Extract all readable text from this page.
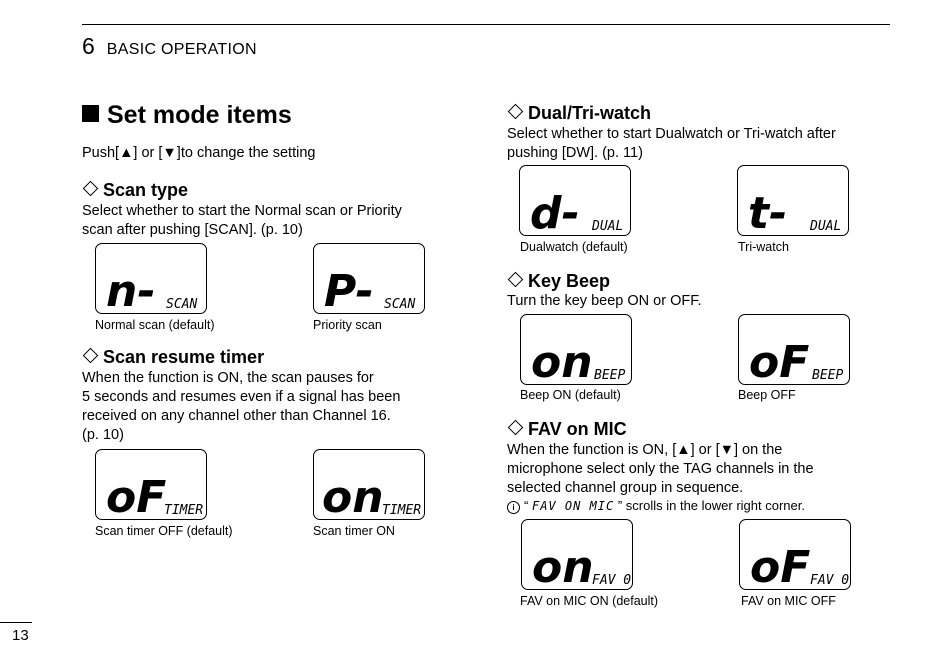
6 BASIC OPERATION
Set mode items
Push[▲] or [▼]to change the setting
Scan type
Select whether to start the Normal scan or Priority
scan after pushing [SCAN]. (p. 10)
n- SCAN
Normal scan (default)
P- SCAN
Priority scan
Scan resume timer
When the function is ON, the scan pauses for
5 seconds and resumes even if a signal has been
received on any channel other than Channel 16.
(p. 10)
oF
TIMER
Scan timer OFF (default)
on
TIMER
Scan timer ON
Dual/Tri-watch
Select whether to start Dualwatch or Tri-watch after
pushing [DW]. (p. 11)
d- DUAL
Dualwatch (default)
t- DUAL
Tri-watch
Key Beep
Turn the key beep ON or OFF.
on BEEP
Beep ON (default)
oF BEEP
Beep OFF
FAV on MIC
When the function is ON, [▲] or [▼] on the
microphone select only the TAG channels in the
selected channel group in sequence.
i “ FAV ON MIC ” scrolls in the lower right corner.
on
FAV 0
FAV on MIC ON (default)
oF FAV 0
FAV on MIC OFF
13
